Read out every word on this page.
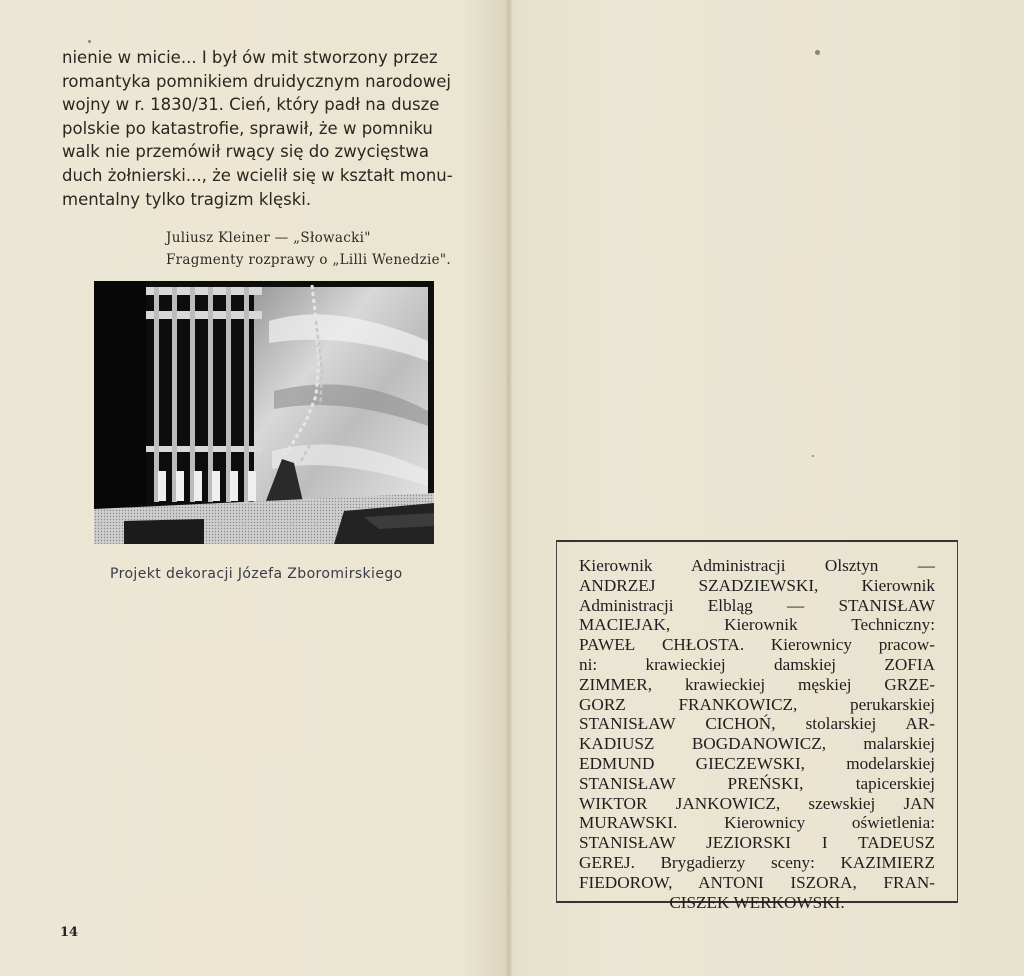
nienie w micie... I był ów mit stworzony przez
romantyka pomnikiem druidycznym narodowej
wojny w r. 1830/31. Cień, który padł na dusze
polskie po katastrofie, sprawił, że w pomniku
walk nie przemówił rwący się do zwycięstwa
duch żołnierski..., że wcielił się w kształt monu-
mentalny tylko tragizm klęski.

Juliusz Kleiner — „Słowacki"
Fragmenty rozprawy o „Lilli Wenedzie".
Projekt dekoracji Józefa Zboromirskiego
14
Kierownik Administracji Olsztyn —
ANDRZEJ SZADZIEWSKI, Kierownik
Administracji Elbląg — STANISŁAW
MACIEJAK, Kierownik Techniczny:
PAWEŁ CHŁOSTA. Kierownicy pracow-
ni: krawieckiej damskiej ZOFIA
ZIMMER, krawieckiej męskiej GRZE-
GORZ FRANKOWICZ, perukarskiej
STANISŁAW CICHOŃ, stolarskiej AR-
KADIUSZ BOGDANOWICZ, malarskiej
EDMUND GIECZEWSKI, modelarskiej
STANISŁAW PREŃSKI, tapicerskiej
WIKTOR JANKOWICZ, szewskiej JAN
MURAWSKI. Kierownicy oświetlenia:
STANISŁAW JEZIORSKI I TADEUSZ
GEREJ. Brygadierzy sceny: KAZIMIERZ
FIEDOROW, ANTONI ISZORA, FRAN-
CISZEK WERKOWSKI.
